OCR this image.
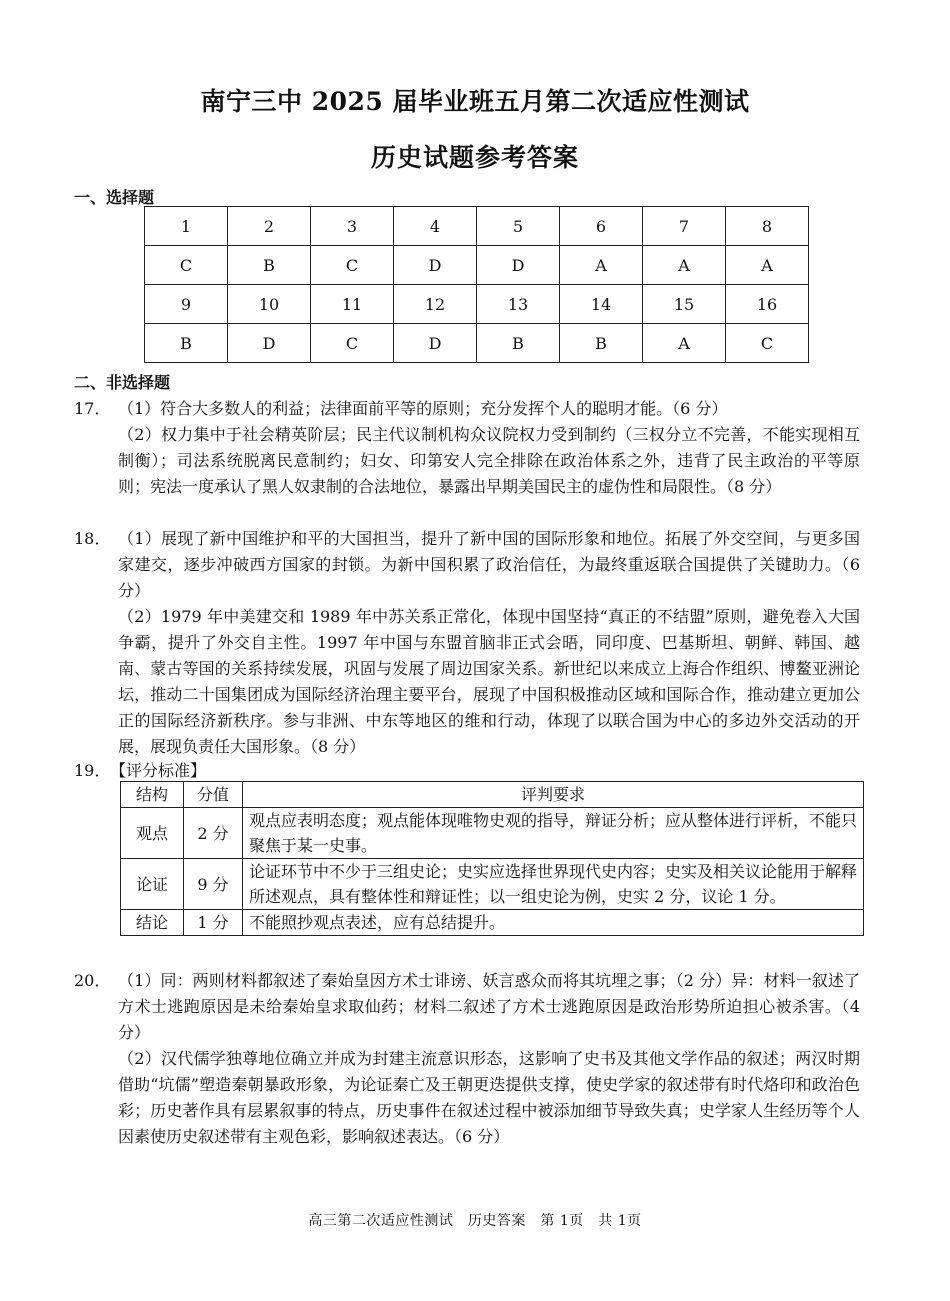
南宁三中 2025 届毕业班五月第二次适应性测试
历史试题参考答案
一、选择题
1	2	3	4	5	6	7	8
C	B	C	D	D	A	A	A
9	10	11	12	13	14	15	16
B	D	C	D	B	B	A	C
二、非选择题
17． （1）符合大多数人的利益；法律面前平等的原则；充分发挥个人的聪明才能。（6 分）
（2）权力集中于社会精英阶层；民主代议制机构众议院权力受到制约（三权分立不完善，不能实现相互制衡）；司法系统脱离民意制约；妇女、印第安人完全排除在政治体系之外，违背了民主政治的平等原则；宪法一度承认了黑人奴隶制的合法地位，暴露出早期美国民主的虚伪性和局限性。（8 分）
18． （1）展现了新中国维护和平的大国担当，提升了新中国的国际形象和地位。拓展了外交空间，与更多国家建交，逐步冲破西方国家的封锁。为新中国积累了政治信任，为最终重返联合国提供了关键助力。（6 分）
（2）1979 年中美建交和 1989 年中苏关系正常化，体现中国坚持“真正的不结盟”原则，避免卷入大国争霸，提升了外交自主性。1997 年中国与东盟首脑非正式会晤，同印度、巴基斯坦、朝鲜、韩国、越南、蒙古等国的关系持续发展，巩固与发展了周边国家关系。新世纪以来成立上海合作组织、博鳌亚洲论坛，推动二十国集团成为国际经济治理主要平台，展现了中国积极推动区域和国际合作，推动建立更加公正的国际经济新秩序。参与非洲、中东等地区的维和行动，体现了以联合国为中心的多边外交活动的开展，展现负责任大国形象。（8 分）
19． 【评分标准】
结构	分值	评判要求
观点	2 分	观点应表明态度；观点能体现唯物史观的指导，辩证分析；应从整体进行评析，不能只聚焦于某一史事。
论证	9 分	论证环节中不少于三组史论；史实应选择世界现代史内容；史实及相关议论能用于解释所述观点，具有整体性和辩证性；以一组史论为例，史实 2 分，议论 1 分。
结论	1 分	不能照抄观点表述，应有总结提升。
20． （1）同：两则材料都叙述了秦始皇因方术士诽谤、妖言惑众而将其坑埋之事；（2 分）异：材料一叙述了方术士逃跑原因是未给秦始皇求取仙药；材料二叙述了方术士逃跑原因是政治形势所迫担心被杀害。（4 分）
（2）汉代儒学独尊地位确立并成为封建主流意识形态，这影响了史书及其他文学作品的叙述；两汉时期借助“坑儒”塑造秦朝暴政形象，为论证秦亡及王朝更迭提供支撑，使史学家的叙述带有时代烙印和政治色彩；历史著作具有层累叙事的特点，历史事件在叙述过程中被添加细节导致失真；史学家人生经历等个人因素使历史叙述带有主观色彩，影响叙述表达。（6 分）
高三第二次适应性测试　历史答案　第 1页　共 1页
